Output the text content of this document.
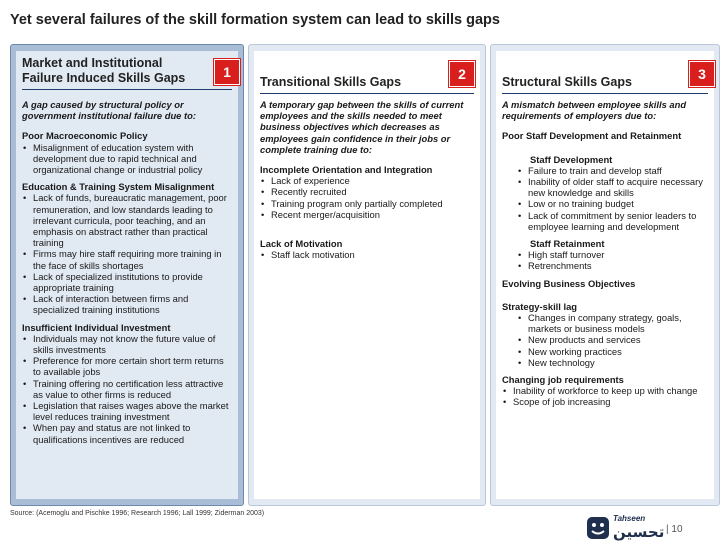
Yet several failures of the skill formation system can lead to skills gaps
Market and Institutional
Failure Induced Skills Gaps	1
A gap caused by structural policy or government institutional failure due to:
Poor Macroeconomic Policy
• Misalignment of education system with development due to rapid technical and organizational change or industrial policy
Education & Training System Misalignment
• Lack of funds, bureaucratic management, poor remuneration, and low standards leading to irrelevant curricula, poor teaching, and an emphasis on abstract rather than practical training
• Firms may hire staff requiring more training in the face of skills shortages
• Lack of specialized institutions to provide appropriate training
• Lack of interaction between firms and specialized training institutions
Insufficient Individual Investment
• Individuals may not know the future value of skills investments
• Preference for more certain short term returns to available jobs
• Training offering no certification less attractive as value to other firms is reduced
• Legislation that raises wages above the market level reduces training investment
• When pay and status are not linked to qualifications incentives are reduced
Transitional Skills Gaps	2
A temporary gap between the skills of current employees and the skills needed to meet business objectives which decreases as employees gain confidence in their jobs or complete training due to:
Incomplete Orientation and Integration
• Lack of experience
• Recently recruited
• Training program only partially completed
• Recent merger/acquisition
Lack of Motivation
• Staff lack motivation
Structural Skills Gaps	3
A mismatch between employee skills and requirements of employers due to:
Poor Staff Development and Retainment
Staff Development
• Failure to train and develop staff
• Inability of older staff to acquire necessary new knowledge and skills
• Low or no training budget
• Lack of commitment by senior leaders to employee learning and development
Staff Retainment
• High staff turnover
• Retrenchments
Evolving Business Objectives
Strategy-skill lag
• Changes in company strategy, goals, markets or business models
• New products and services
• New working practices
• New technology
Changing job requirements
• Inability of workforce to keep up with change
• Scope of job increasing
Source: (Acemoglu and Pischke 1996; Research 1996; Lall 1999; Ziderman 2003)
Tahseen
تحسين | 10
